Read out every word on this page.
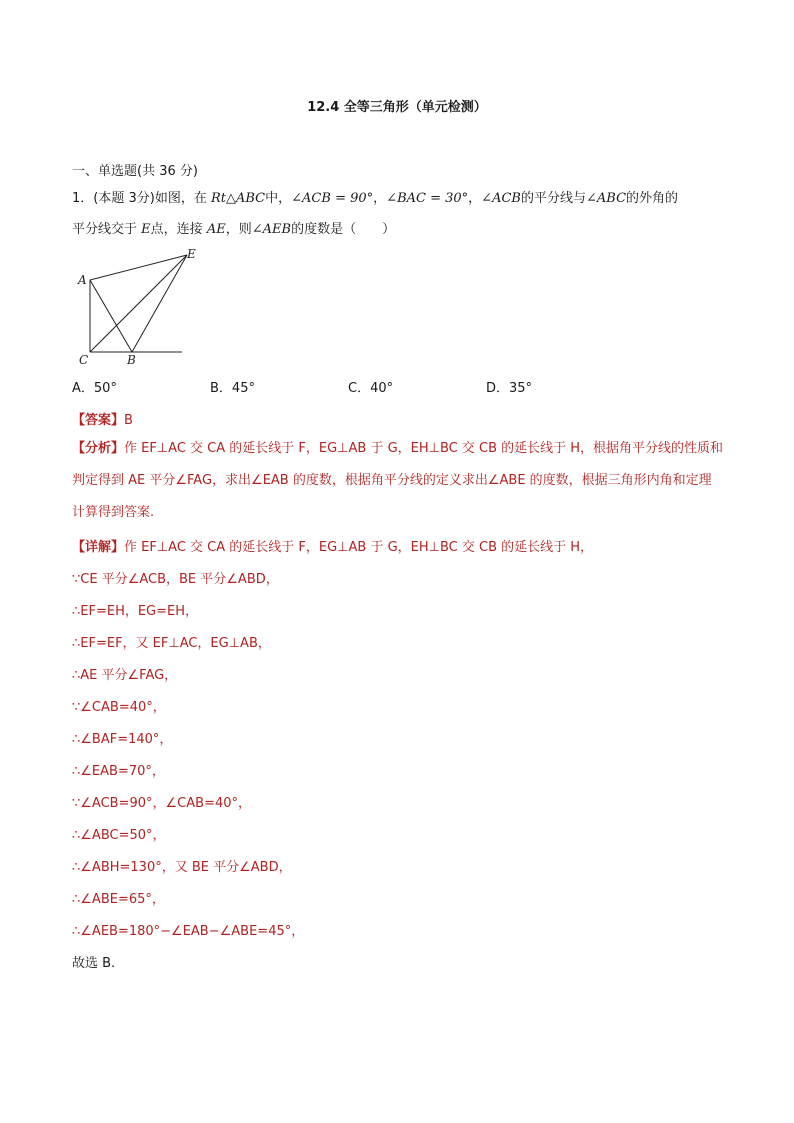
12.4 全等三角形（单元检测）
一、单选题(共 36 分)
1．(本题 3分)如图，在 Rt△ABC中，∠ACB = 90°，∠BAC = 30°，∠ACB的平分线与∠ABC的外角的
平分线交于 E点，连接 AE，则∠AEB的度数是（　　）
A
C	B
E
A．50°	B．45°	C．40°	D．35°
【答案】B
【分析】作 EF⊥AC 交 CA 的延长线于 F，EG⊥AB 于 G，EH⊥BC 交 CB 的延长线于 H，根据角平分线的性质和判定得到 AE 平分∠FAG，求出∠EAB 的度数，根据角平分线的定义求出∠ABE 的度数，根据三角形内角和定理计算得到答案.
【详解】作 EF⊥AC 交 CA 的延长线于 F，EG⊥AB 于 G，EH⊥BC 交 CB 的延长线于 H，
∵CE 平分∠ACB，BE 平分∠ABD，
∴EF=EH，EG=EH，
∴EF=EF，又 EF⊥AC，EG⊥AB，
∴AE 平分∠FAG，
∵∠CAB=40°，
∴∠BAF=140°，
∴∠EAB=70°，
∵∠ACB=90°，∠CAB=40°，
∴∠ABC=50°，
∴∠ABH=130°，又 BE 平分∠ABD，
∴∠ABE=65°，
∴∠AEB=180°−∠EAB−∠ABE=45°，
故选 B.
